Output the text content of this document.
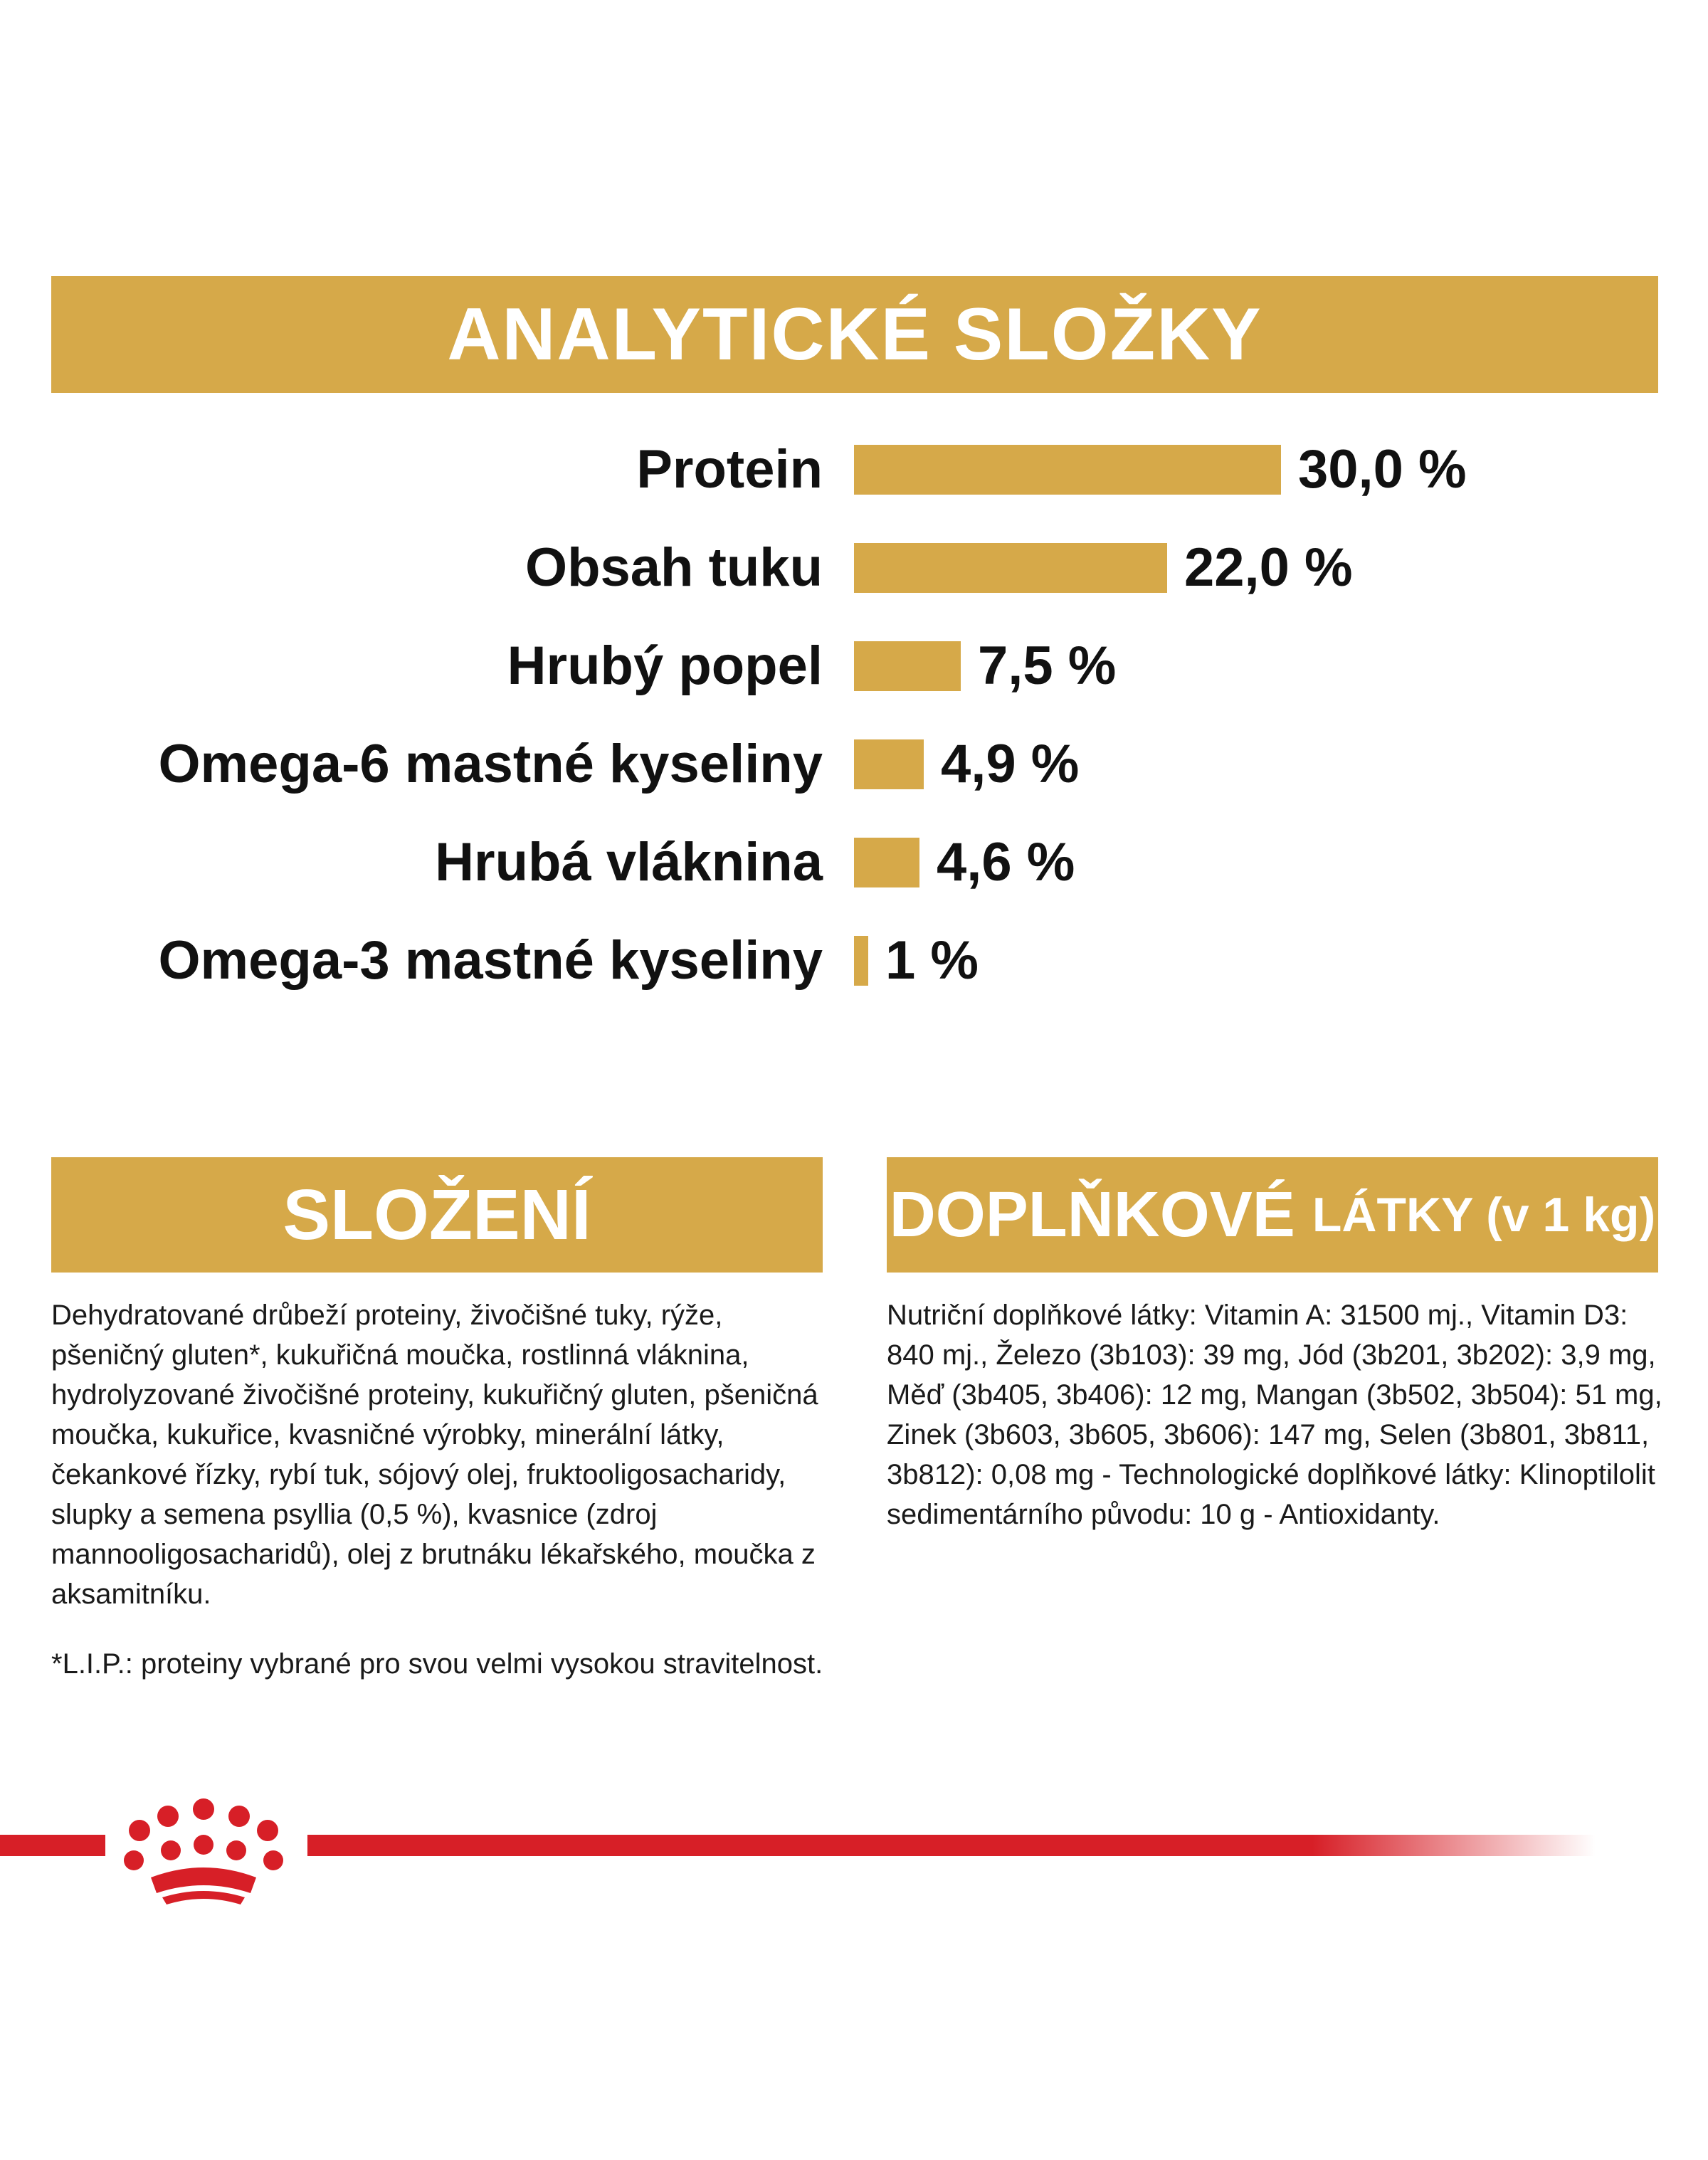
ANALYTICKÉ SLOŽKY
Protein	30,0 %
Obsah tuku	22,0 %
Hrubý popel	7,5 %
Omega-6 mastné kyseliny 4,9 %
Hrubá vláknina 4,6 %
Omega-3 mastné kyseliny 1 %
SLOŽENÍ	DOPLŇKOVÉ LÁTKY (v 1 kg)
Dehydratované drůbeží proteiny, živočišné tuky, rýže, pšeničný gluten*, kukuřičná moučka, rostlinná vláknina, hydrolyzované živočišné proteiny, kukuřičný gluten, pšeničná moučka, kukuřice, kvasničné výrobky, minerální látky, čekankové řízky, rybí tuk, sójový olej, fruktooligosacharidy, slupky a semena psyllia (0,5 %), kvasnice (zdroj mannooligosacharidů), olej z brutnáku lékařského, moučka z aksamitníku.
*L.I.P.: proteiny vybrané pro svou velmi vysokou stravitelnost.
Nutriční doplňkové látky: Vitamin A: 31500 mj., Vitamin D3: 840 mj., Železo (3b103): 39 mg, Jód (3b201, 3b202): 3,9 mg, Měď (3b405, 3b406): 12 mg, Mangan (3b502, 3b504): 51 mg, Zinek (3b603, 3b605, 3b606): 147 mg, Selen (3b801, 3b811, 3b812): 0,08 mg - Technologické doplňkové látky: Klinoptilolit sedimentárního původu: 10 g - Antioxidanty.
